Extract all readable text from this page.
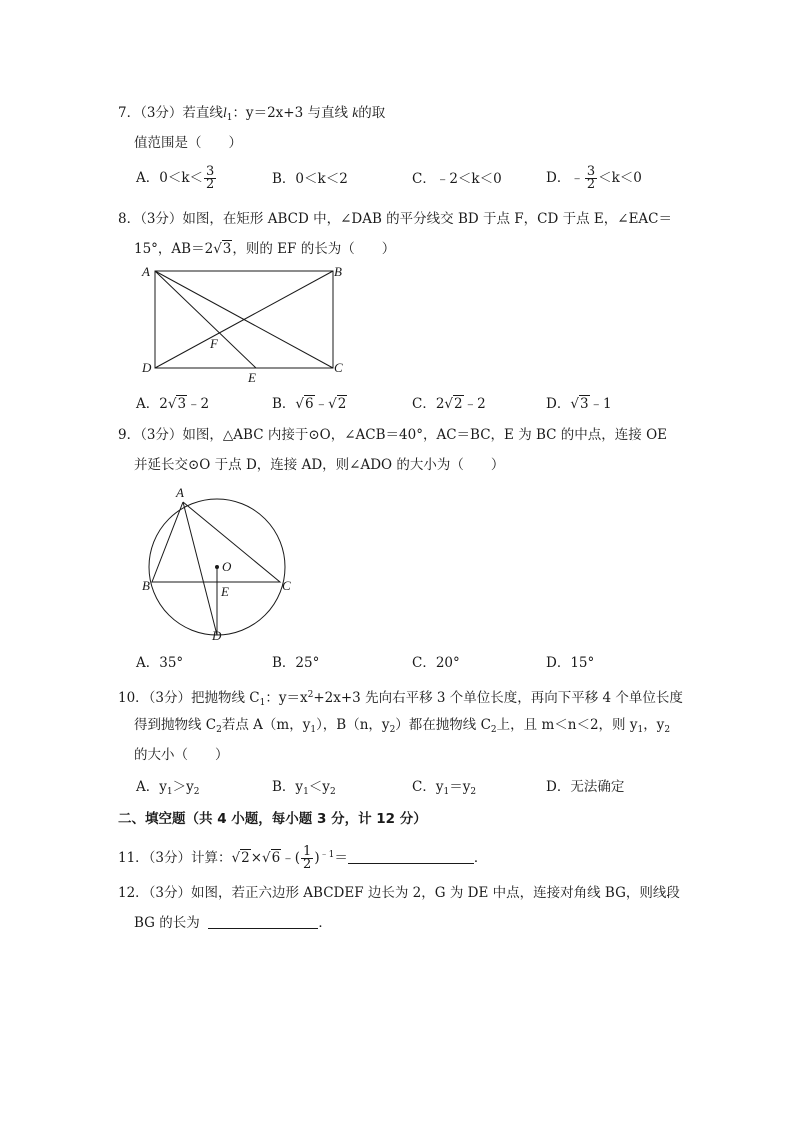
7．（3分）若直线$l_1$：y＝2x+3 与直线 k的取
值范围是（　　）
A．$0<k< \frac{3}{2}$	B．0＜k＜2	C．﹣2＜k＜0	D．﹣ $\frac{3}{2} <k<0$
8．（3分）如图，在矩形 ABCD 中，∠DAB 的平分线交 BD 于点 F，CD 于点 E，∠EAC＝
15°，AB＝2√3，则的 EF 的长为（　　）
A	B
C
D
E
F
A．2√3﹣2	B．√6﹣√2	C．2√2﹣2	D．√3﹣1
9．（3分）如图，△ABC 内接于⊙O，∠ACB＝40°，AC＝BC，E 为 BC 的中点，连接 OE
并延长交⊙O 于点 D，连接 AD，则∠ADO 的大小为（　　）
A
B	C
D
E
O
A．35°	B．25°	C．20°	D．15°
10．（3分）把抛物线 $C_1$：$y=x^2+2x+3$ 先向右平移 3 个单位长度，再向下平移 4 个单位长度
得到抛物线 $C_2$若点 A（m，$y_1$），B（n，$y_2$）都在抛物线 $C_2$上，且 m＜n＜2，则 $y_1$，$y_2$
的大小（　　）
A．$y_1>y_2$	B．$y_1<y_2$	C．$y_1=y_2$	D．无法确定
二、填空题（共 4 小题，每小题 3 分，计 12 分）
11．（3分）计算：√2×√6﹣( $\frac{1}{2} )^{﹣1}=$	．
12．（3分）如图，若正六边形 ABCDEF 边长为 2，G 为 DE 中点，连接对角线 BG，则线段
BG 的长为	．
